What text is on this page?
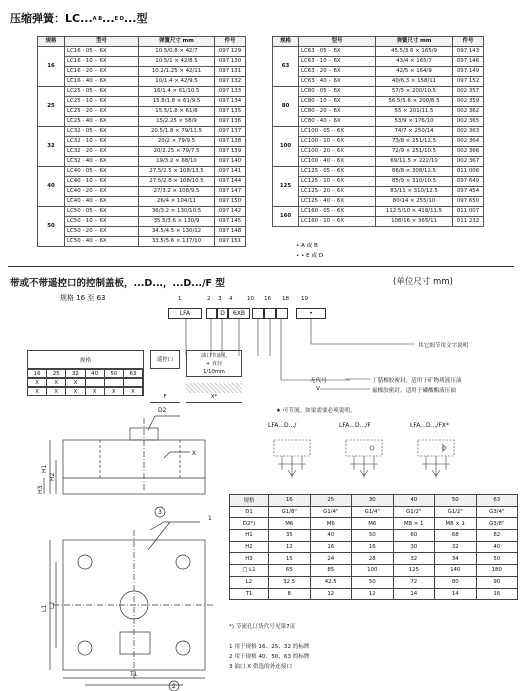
压缩弹簧：LC...A B...E D...型
规格	型号	弹簧尺寸 mm	件号
16	LC16 · 05 ·· 6X	10.5/0.8 × 42/7	097 129
	LC16 · 10 ·· 6X	10.5/1 × 42/8.5	097 130
	LC16 · 20 ·· 6X	10.2/1.25 × 42/11	097 131
	LC16 · 40 ·· 6X	10/1.4 × 42/9.5	097 132
25	LC25 · 05 ·· 6X	16/1.4 × 61/10.5	097 133
	LC25 · 10 ·· 6X	15.8/1.8 × 61/9.5	097 134
	LC25 · 20 ·· 6X	15.5/1.8 × 61/8	097 135
	LC25 · 40 ·· 6X	15/2.25 × 58/9	097 136
32	LC32 · 05 ·· 6X	20.5/1.8 × 79/11.5	097 137
	LC32 · 10 ·· 6X	20/2 × 79/9.5	097 138
	LC32 · 20 ·· 6X	20/2.25 × 79/7.5	097 139
	LC32 · 40 ·· 6X	19/3.2 × 68/10	097 140
40	LC40 · 05 ·· 6X	27.5/2.5 × 108/13.5	097 141
	LC40 · 10 ·· 6X	27.5/2.8 × 108/10.5	097 144
	LC40 · 20 ·· 6X	27/3.2 × 108/9.5	097 147
	LC40 · 40 ·· 6X	26/4 × 104/11	097 150
50	LC50 · 05 ·· 6X	36/3.2 × 130/10.5	097 142
	LC50 · 10 ·· 6X	35.5/3.6 × 130/9	097 145
	LC50 · 20 ·· 6X	34.5/4.5 × 130/12	097 148
	LC50 · 40 ·· 6X	33.5/5.6 × 117/10	097 151
规格	型号	弹簧尺寸 mm	件号
63	LC63 · 05 ·· 6X	45.5/3.6 × 165/9	097 143
	LC63 · 10 ·· 6X	43/4 × 165/7	097 146
	LC63 · 20 ·· 6X	42/5 × 164/9	097 149
	LC63 · 40 ·· 6X	40/6.3 × 158/11	097 152
80	LC80 · 05 ·· 6X	57/5 × 200/10.5	002 357
	LC80 · 10 ·· 6X	56.5/5.6 × 200/8.5	002 359
	LC80 · 20 ·· 6X	55 × 201/11.5	002 362
	LC80 · 40 ·· 6X	53/9 × 176/10	002 365
100	LC100 · 05 ·· 6X	74/7 × 250/14	002 363
	LC100 · 10 ·· 6X	73/8 × 251/12.5	002 364
	LC100 · 20 ·· 6X	72/9 × 251/10.5	002 366
	LC100 · 40 ·· 6X	69/11.5 × 222/10	002 367
125	LC125 · 05 ·· 6X	86/8 × 308/12.5	011 006
	LC125 · 10 ·· 6X	85/9 × 310/10.5	097 649
	LC125 · 20 ·· 6X	83/11 × 310/12.5	097 454
	LC125 · 40 ·· 6X	80/14 × 255/10	097 650
160	LC160 · 05 ·· 6X	112.5/10 × 418/11.5	011 007
	LC160 · 10 ·· 6X	108/16 × 365/11	011 232
• A 或 B
• • E 或 D
带或不带遥控口的控制盖板，...D...，...D.../F 型	(单位尺寸 mm)
规格 16 至 63	1	2 3 4	10 16 18 19
LFA	D	6XB	•
其它细节用文字说明
无代号
V
丁腈橡胶密封。适用于矿物质液压油
氟橡胶密封。适用于磷酸酯液压油
规格	遥控口
油口节流孔
+ 直径
1/10mm
16	25	32	40	50	63
X	X	X
X	X	X	X	X	X
F	X*
★ 可节流。如果需要必须说明。
LFA...D.../	LFA...D.../F	LFA...D.../FX*
D2
X
H1
H2
H3
L1 L2
T1
3
2
1
规格	16	25	30	40	50	63
D1	G1/8"	G1/4"	G1/4"	G1/2"	G1/2"	G3/4"
D2*)	M6	M6	M6	M8 × 1	M8 × 1	G3/8"
H1	35	40	50	60	68	82
H2	12	16	16	30	32	40
H3	15	24	28	32	34	50
□ L1	65	85	100	125	140	180
L2	32.5	42.5	50	72	80	90
T1	8	12	12	14	14	16
*) 节流孔订货代号见第7页
1 用于规格 16、25、32 的标牌
2 用于规格 40、50、63 的标牌
3 油口 X 供选的外连接口
